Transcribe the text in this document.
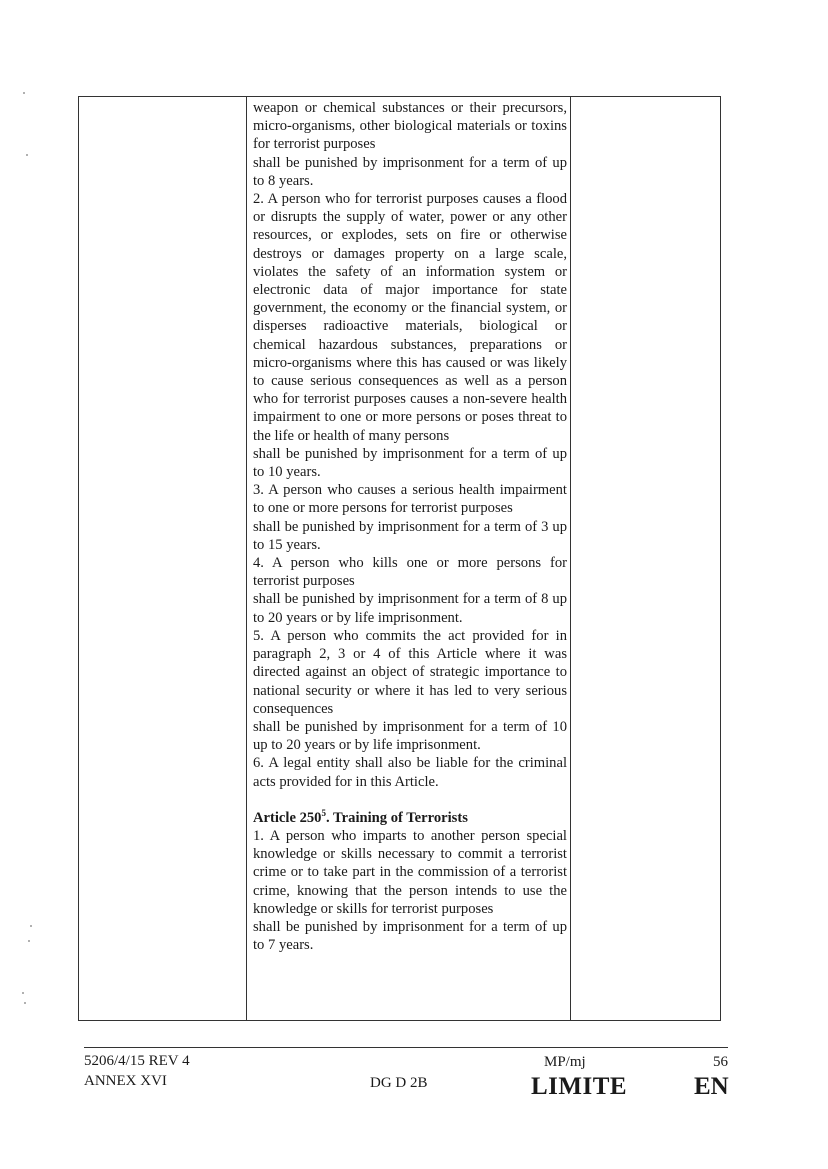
weapon or chemical substances or their precursors, micro-organisms, other biological materials or toxins for terrorist purposes

shall be punished by imprisonment for a term of up to 8 years.

2. A person who for terrorist purposes causes a flood or disrupts the supply of water, power or any other resources, or explodes, sets on fire or otherwise destroys or damages property on a large scale, violates the safety of an information system or electronic data of major importance for state government, the economy or the financial system, or disperses radioactive materials, biological or chemical hazardous substances, preparations or micro-organisms where this has caused or was likely to cause serious consequences as well as a person who for terrorist purposes causes a non-severe health impairment to one or more persons or poses threat to the life or health of many persons

shall be punished by imprisonment for a term of up to 10 years.

3. A person who causes a serious health impairment to one or more persons for terrorist purposes

shall be punished by imprisonment for a term of 3 up to 15 years.

4. A person who kills one or more persons for terrorist purposes

shall be punished by imprisonment for a term of 8 up to 20 years or by life imprisonment.

5. A person who commits the act provided for in paragraph 2, 3 or 4 of this Article where it was directed against an object of strategic importance to national security or where it has led to very serious consequences

shall be punished by imprisonment for a term of 10 up to 20 years or by life imprisonment.

6. A legal entity shall also be liable for the criminal acts provided for in this Article.

Article $250^5$. Training of Terrorists

1. A person who imparts to another person special knowledge or skills necessary to commit a terrorist crime or to take part in the commission of a terrorist crime, knowing that the person intends to use the knowledge or skills for terrorist purposes

shall be punished by imprisonment for a term of up to 7 years.

5206/4/15 REV 4
ANNEX XVI	DG D 2B
MP/mj	56
LIMITE	EN
